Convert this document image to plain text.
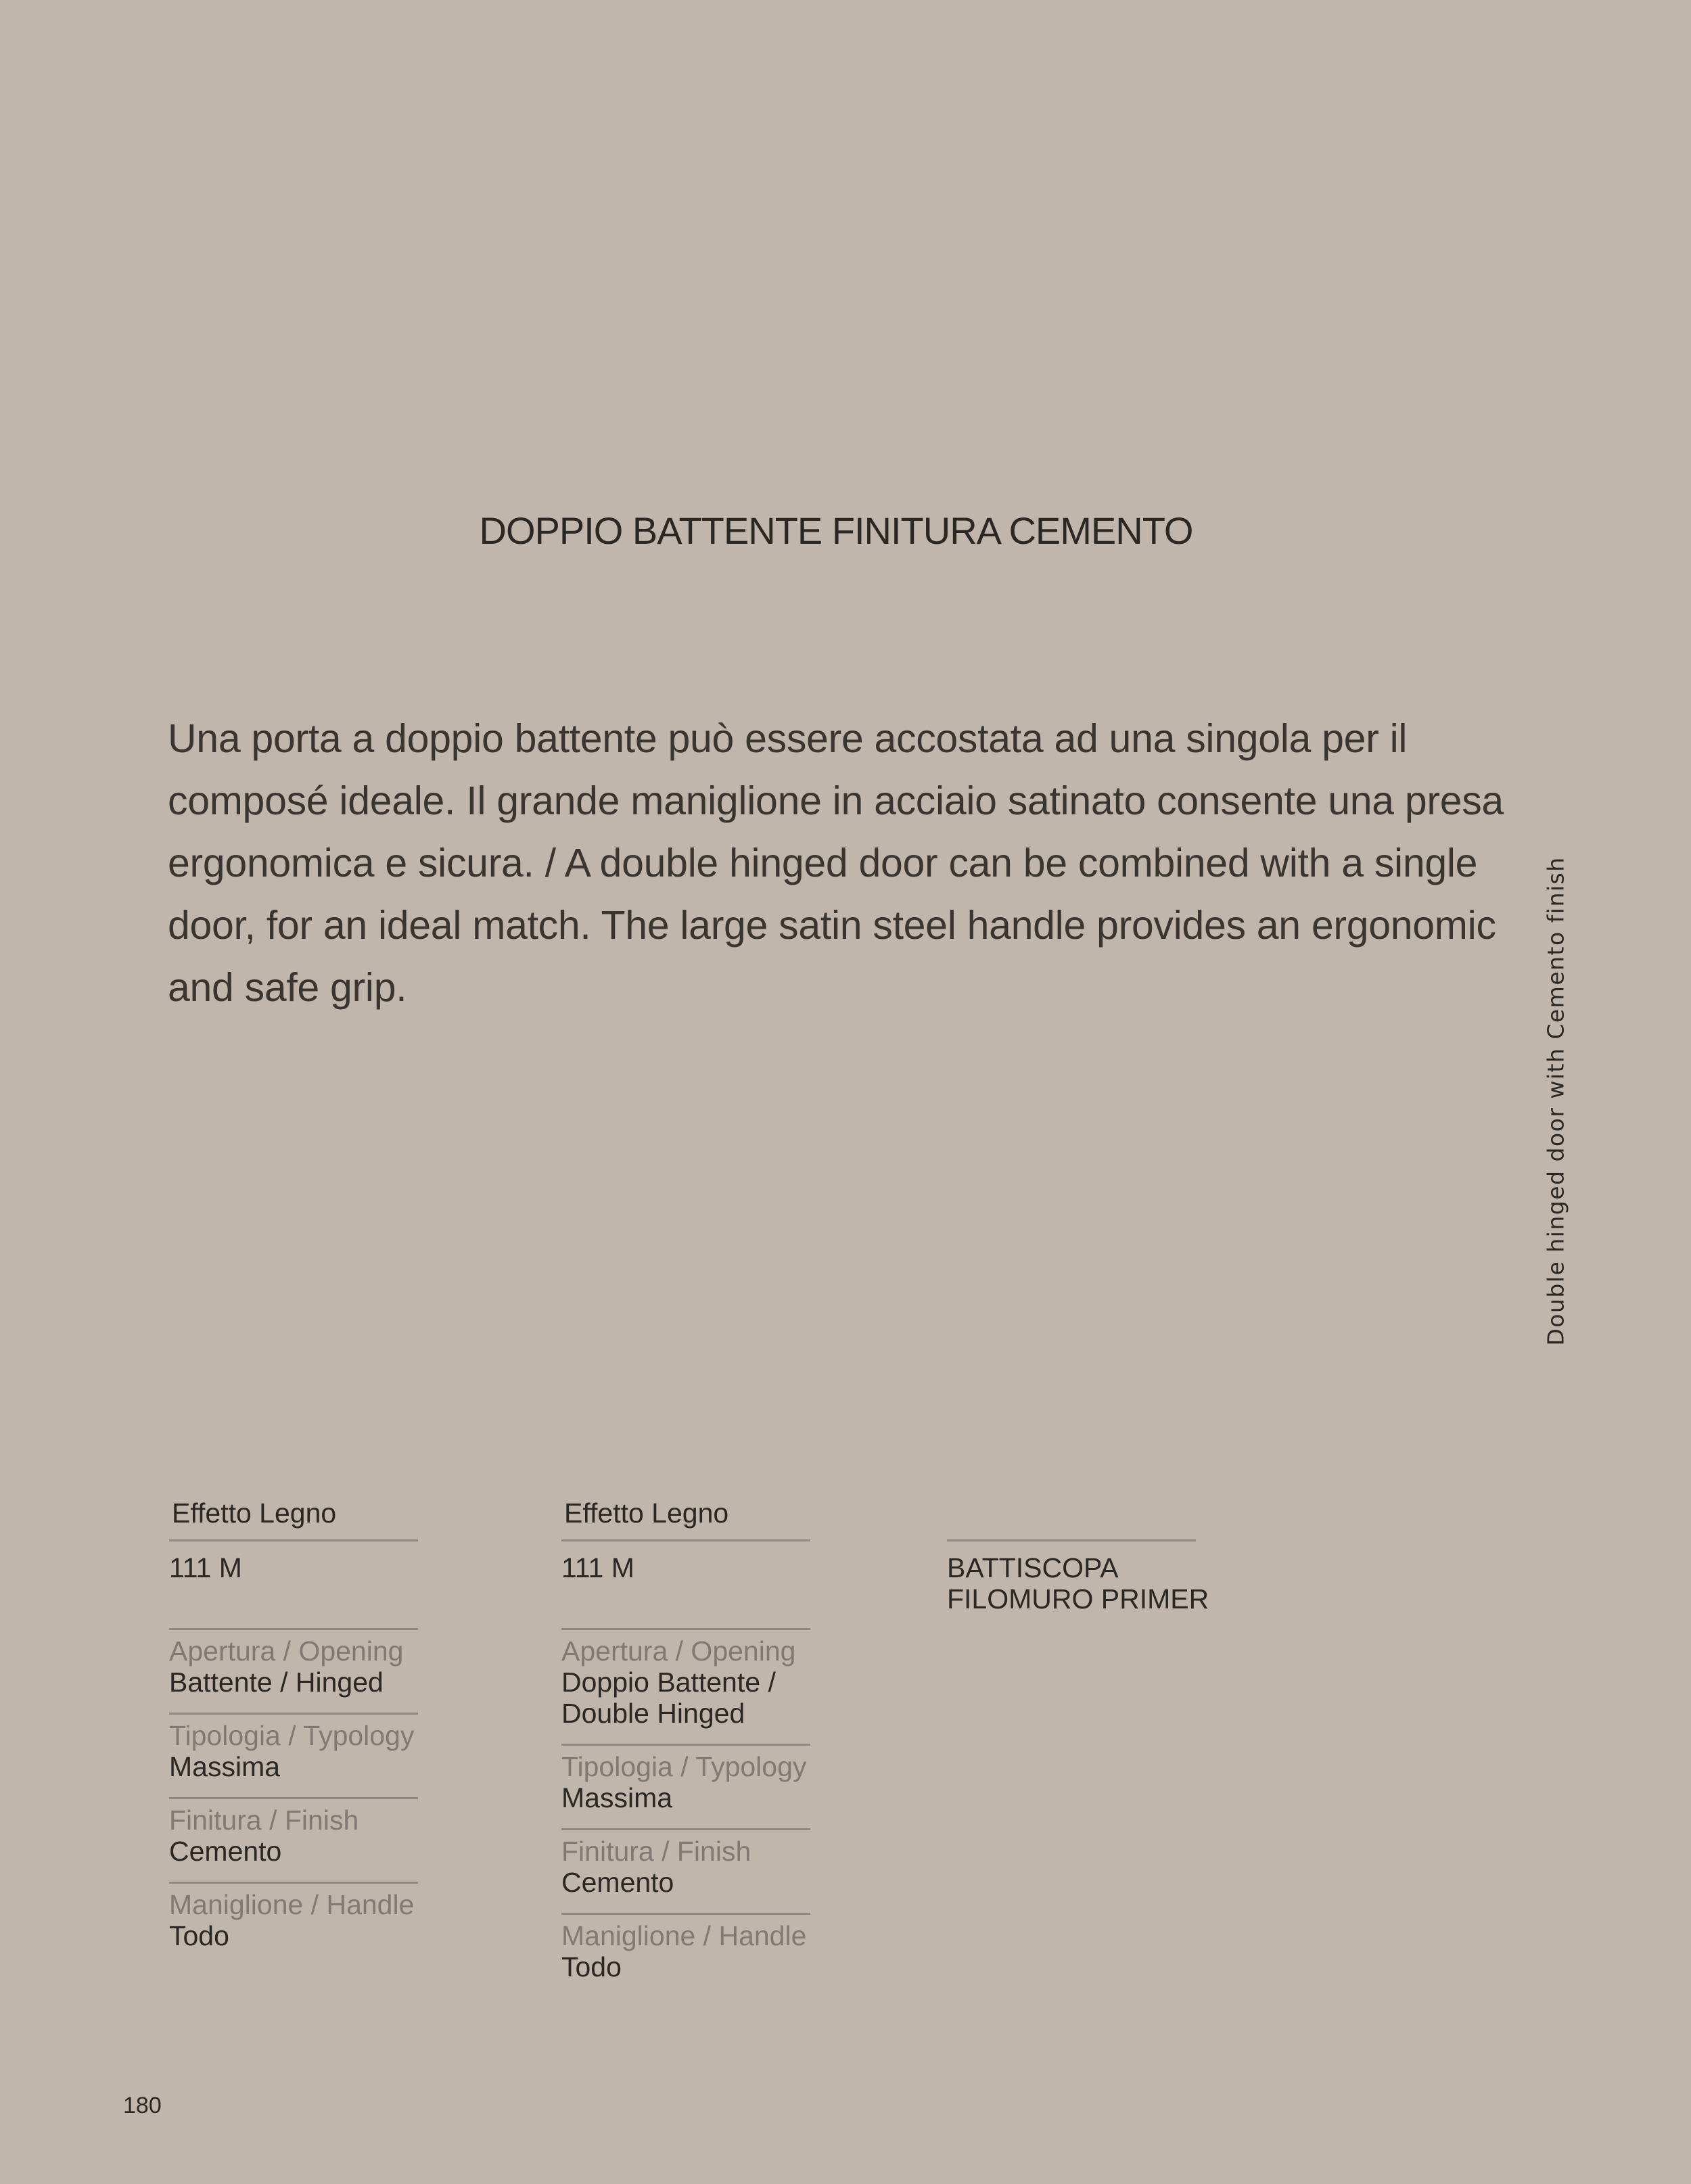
DOPPIO BATTENTE FINITURA CEMENTO
Una porta a doppio battente può essere accostata ad una singola per il composé ideale. Il grande maniglione in acciaio satinato consente una presa ergonomica e sicura. / A double hinged door can be combined with a single door, for an ideal match. The large satin steel handle provides an ergonomic and safe grip.	Double hinged door with Cemento finish
Effetto Legno
111 M
Apertura / Opening
Battente / Hinged
Tipologia / Typology
Massima
Finitura / Finish
Cemento
Maniglione / Handle
Todo
Effetto Legno
111 M
Apertura / Opening
Doppio Battente / Double Hinged
Tipologia / Typology
Massima
Finitura / Finish
Cemento
Maniglione / Handle
Todo
BATTISCOPA
FILOMURO PRIMER
180
